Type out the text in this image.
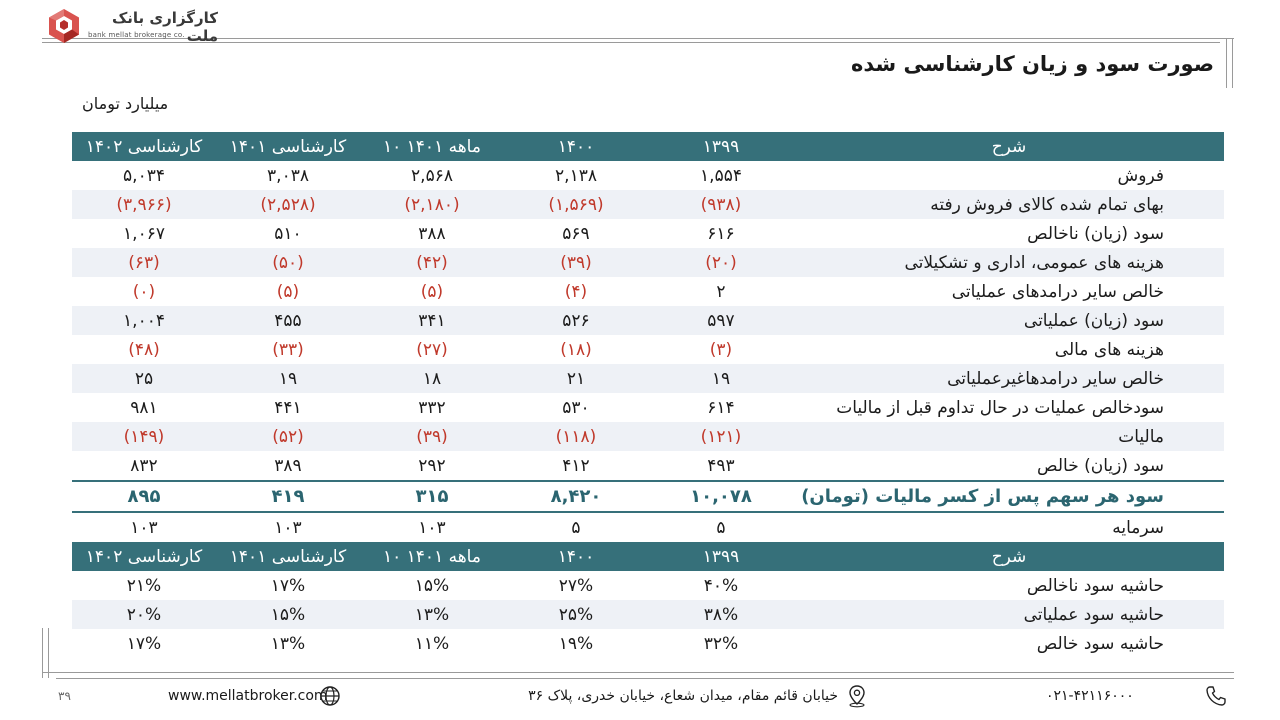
کارگزاری بانک ملت
bank mellat brokerage co.
صورت سود و زیان کارشناسی شده
میلیارد تومان
کارشناسی ۱۴۰۲	کارشناسی ۱۴۰۱	۱۰ ماهه ۱۴۰۱	۱۴۰۰	۱۳۹۹	شرح
۵,۰۳۴	۳,۰۳۸	۲,۵۶۸	۲,۱۳۸	۱,۵۵۴	فروش
(۳,۹۶۶)	(۲,۵۲۸)	(۲,۱۸۰)	(۱,۵۶۹)	(۹۳۸)	بهای تمام شده کالای فروش رفته
۱,۰۶۷	۵۱۰	۳۸۸	۵۶۹	۶۱۶	سود (زیان) ناخالص
(۶۳)	(۵۰)	(۴۲)	(۳۹)	(۲۰)	هزینه های عمومی، اداری و تشکیلاتی
(۰)	(۵)	(۵)	(۴)	۲	خالص سایر درامدهای عملیاتی
۱,۰۰۴	۴۵۵	۳۴۱	۵۲۶	۵۹۷	سود (زیان) عملیاتی
(۴۸)	(۳۳)	(۲۷)	(۱۸)	(۳)	هزینه های مالی
۲۵	۱۹	۱۸	۲۱	۱۹	خالص سایر درامدهاغیرعملیاتی
۹۸۱	۴۴۱	۳۳۲	۵۳۰	۶۱۴	سودخالص عملیات در حال تداوم قبل از مالیات
(۱۴۹)	(۵۲)	(۳۹)	(۱۱۸)	(۱۲۱)	مالیات
۸۳۲	۳۸۹	۲۹۲	۴۱۲	۴۹۳	سود (زیان) خالص
۸۹۵	۴۱۹	۳۱۵	۸,۴۲۰	۱۰,۰۷۸	سود هر سهم پس از کسر مالیات (تومان)
۱۰۳	۱۰۳	۱۰۳	۵	۵	سرمایه
کارشناسی ۱۴۰۲	کارشناسی ۱۴۰۱	۱۰ ماهه ۱۴۰۱	۱۴۰۰	۱۳۹۹	شرح
۲۱%	۱۷%	۱۵%	۲۷%	۴۰%	حاشیه سود ناخالص
۲۰%	۱۵%	۱۳%	۲۵%	۳۸%	حاشیه سود عملیاتی
۱۷%	۱۳%	۱۱%	۱۹%	۳۲%	حاشیه سود خالص
۳۹	www.mellatbroker.com	خیابان قائم مقام، میدان شعاع، خیابان خدری، پلاک ۳۶	۰۲۱-۴۲۱۱۶۰۰۰
